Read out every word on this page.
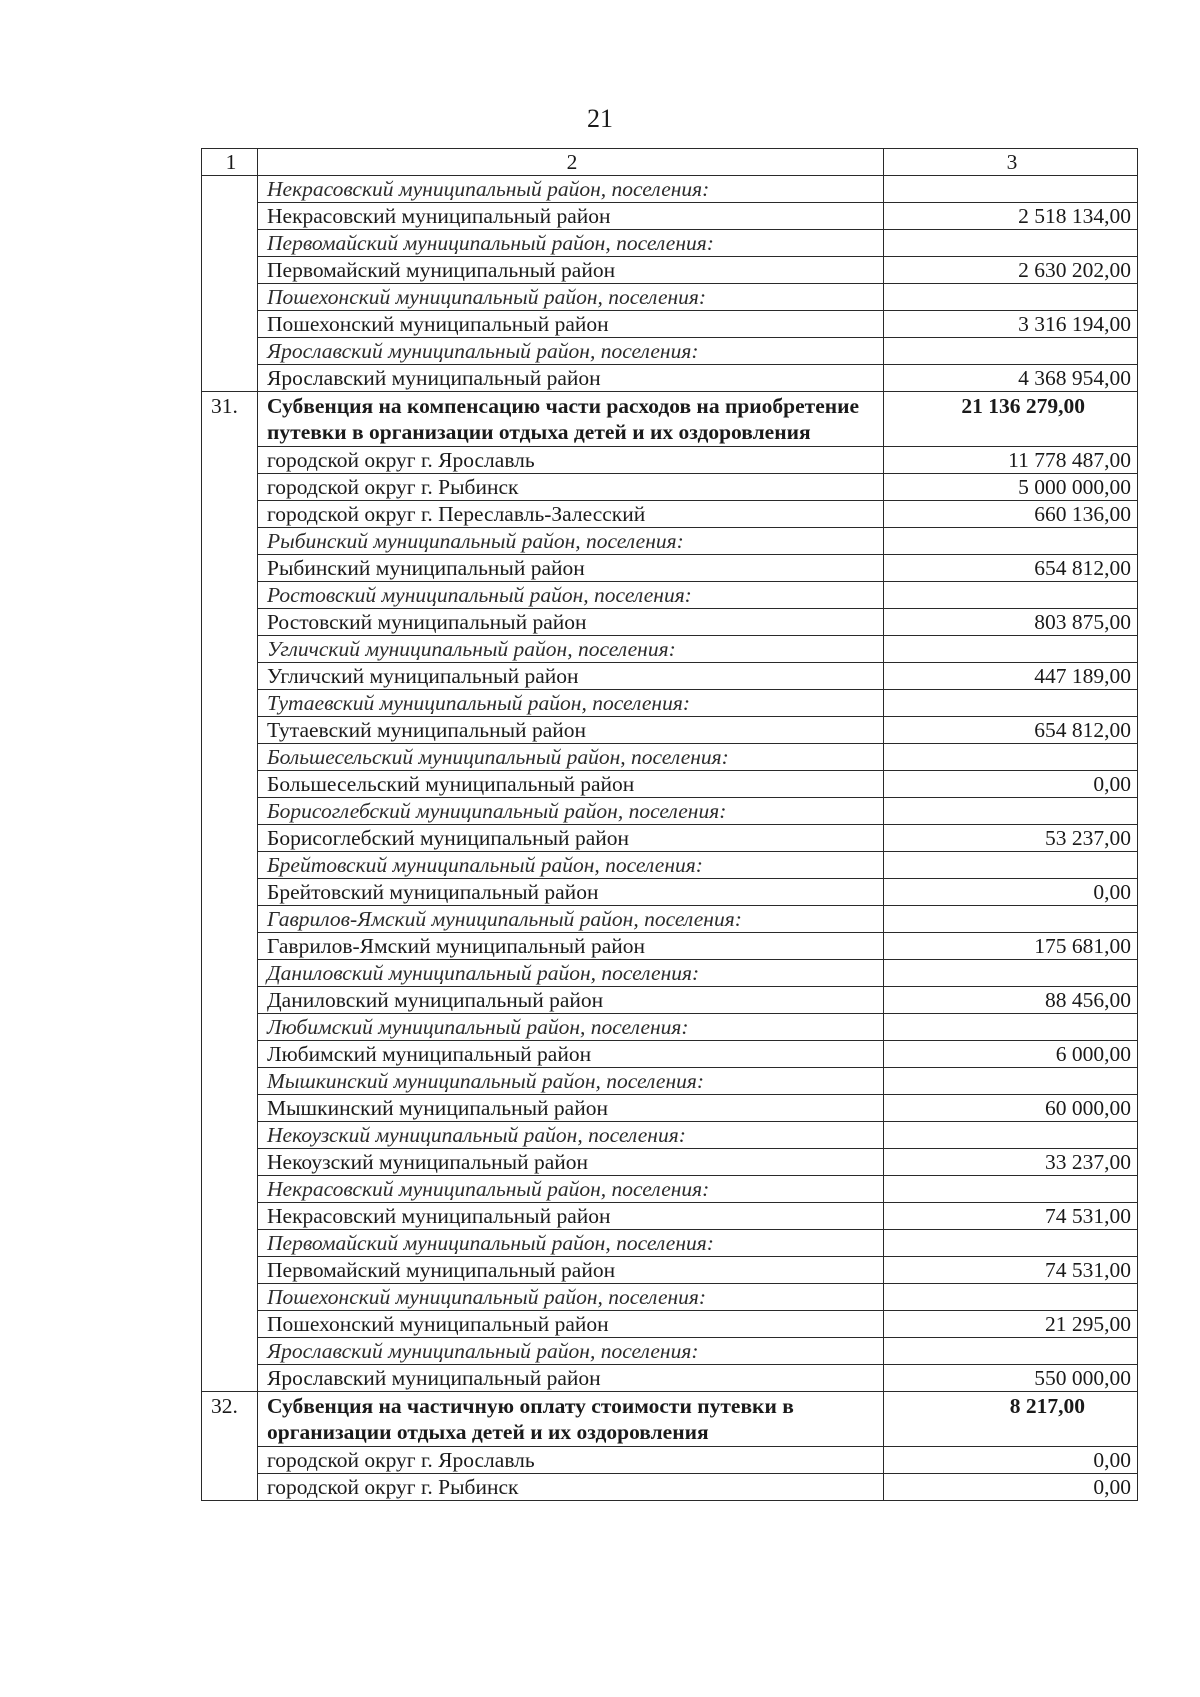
21
1	2	3
	Некрасовский муниципальный район, поселения:	
	Некрасовский муниципальный район	2 518 134,00
	Первомайский муниципальный район, поселения:	
	Первомайский муниципальный район	2 630 202,00
	Пошехонский муниципальный район, поселения:	
	Пошехонский муниципальный район	3 316 194,00
	Ярославский муниципальный район, поселения:	
	Ярославский муниципальный район	4 368 954,00
31.	Субвенция на компенсацию части расходов на приобретение путевки в организации отдыха детей и их оздоровления	21 136 279,00
	городской округ г. Ярославль	11 778 487,00
	городской округ г. Рыбинск	5 000 000,00
	городской округ г. Переславль-Залесский	660 136,00
	Рыбинский муниципальный район, поселения:	
	Рыбинский муниципальный район	654 812,00
	Ростовский муниципальный район, поселения:	
	Ростовский муниципальный район	803 875,00
	Угличский муниципальный район, поселения:	
	Угличский муниципальный район	447 189,00
	Тутаевский муниципальный район, поселения:	
	Тутаевский муниципальный район	654 812,00
	Большесельский муниципальный район, поселения:	
	Большесельский муниципальный район	0,00
	Борисоглебский муниципальный район, поселения:	
	Борисоглебский муниципальный район	53 237,00
	Брейтовский муниципальный район, поселения:	
	Брейтовский муниципальный район	0,00
	Гаврилов-Ямский муниципальный район, поселения:	
	Гаврилов-Ямский муниципальный район	175 681,00
	Даниловский муниципальный район, поселения:	
	Даниловский муниципальный район	88 456,00
	Любимский муниципальный район, поселения:	
	Любимский муниципальный район	6 000,00
	Мышкинский муниципальный район, поселения:	
	Мышкинский муниципальный район	60 000,00
	Некоузский муниципальный район, поселения:	
	Некоузский муниципальный район	33 237,00
	Некрасовский муниципальный район, поселения:	
	Некрасовский муниципальный район	74 531,00
	Первомайский муниципальный район, поселения:	
	Первомайский муниципальный район	74 531,00
	Пошехонский муниципальный район, поселения:	
	Пошехонский муниципальный район	21 295,00
	Ярославский муниципальный район, поселения:	
	Ярославский муниципальный район	550 000,00
32.	Субвенция на частичную оплату стоимости путевки в организации отдыха детей и их оздоровления	8 217,00
	городской округ г. Ярославль	0,00
	городской округ г. Рыбинск	0,00
